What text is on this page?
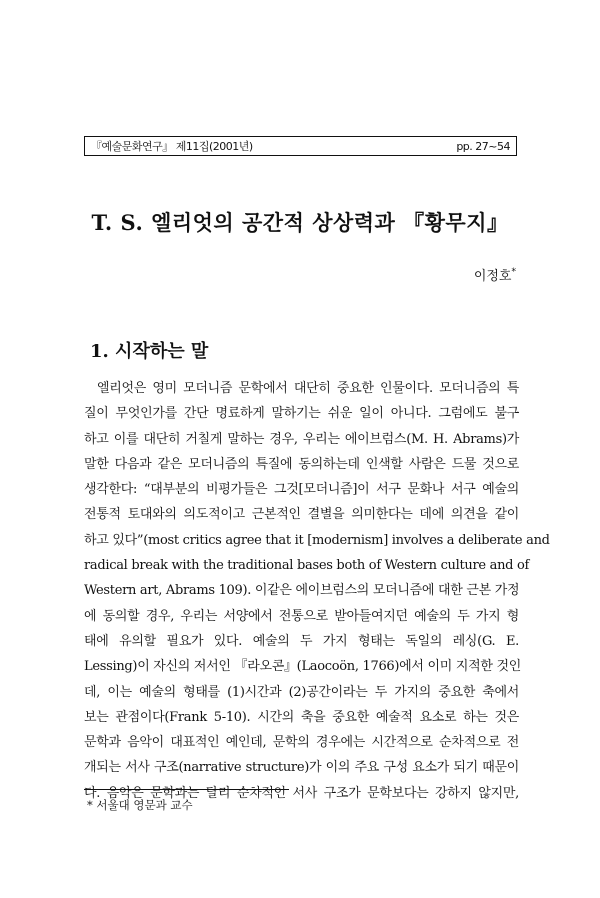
『예술문화연구』 제11집(2001년)	pp. 27~54
T. S. 엘리엇의 공간적 상상력과 『황무지』
이정호*
1. 시작하는 말
엘리엇은 영미 모더니즘 문학에서 대단히 중요한 인물이다. 모더니즘의 특
질이 무엇인가를 간단 명료하게 말하기는 쉬운 일이 아니다. 그럼에도 불구
하고 이를 대단히 거칠게 말하는 경우, 우리는 에이브럼스(M. H. Abrams)가
말한 다음과 같은 모더니즘의 특질에 동의하는데 인색할 사람은 드물 것으로
생각한다: “대부분의 비평가들은 그것[모더니즘]이 서구 문화나 서구 예술의
전통적 토대와의 의도적이고 근본적인 결별을 의미한다는 데에 의견을 같이
하고 있다”(most critics agree that it [modernism] involves a deliberate and
radical break with the traditional bases both of Western culture and of
Western art, Abrams 109). 이같은 에이브럼스의 모더니즘에 대한 근본 가정
에 동의할 경우, 우리는 서양에서 전통으로 받아들여지던 예술의 두 가지 형
태에 유의할 필요가 있다. 예술의 두 가지 형태는 독일의 레싱(G. E.
Lessing)이 자신의 저서인 『라오콘』(Laocoön, 1766)에서 이미 지적한 것인
데, 이는 예술의 형태를 (1)시간과 (2)공간이라는 두 가지의 중요한 축에서
보는 관점이다(Frank 5-10). 시간의 축을 중요한 예술적 요소로 하는 것은
문학과 음악이 대표적인 예인데, 문학의 경우에는 시간적으로 순차적으로 전
개되는 서사 구조(narrative structure)가 이의 주요 구성 요소가 되기 때문이
다. 음악은 문학과는 달리 순차적인 서사 구조가 문학보다는 강하지 않지만,
* 서울대 영문과 교수
